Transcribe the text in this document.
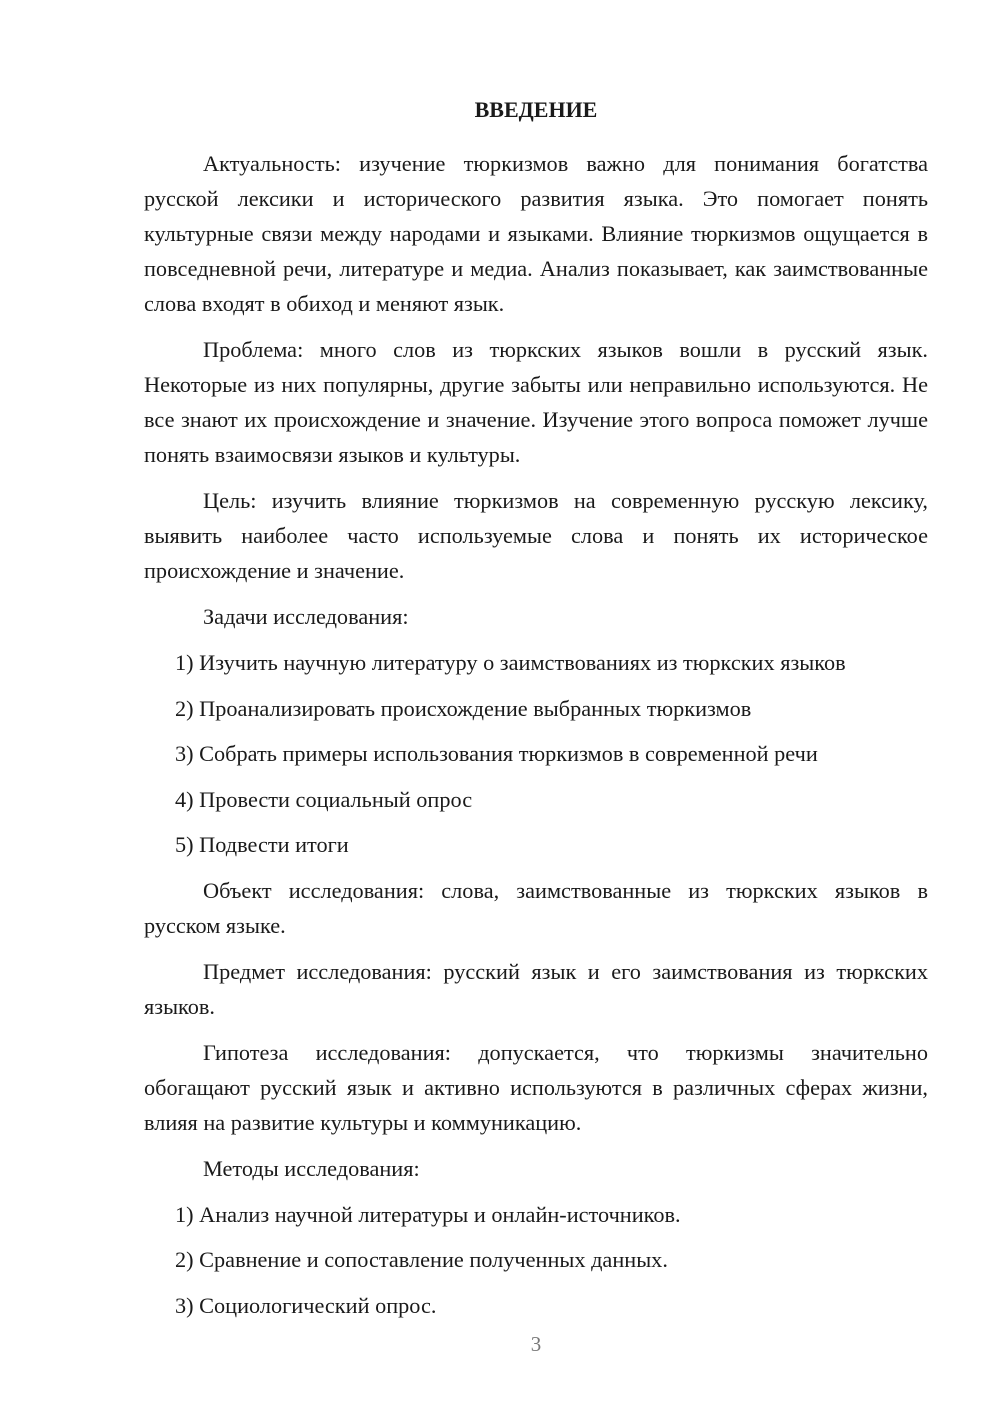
ВВЕДЕНИЕ

Актуальность: изучение тюркизмов важно для понимания богатства русской лексики и исторического развития языка. Это помогает понять культурные связи между народами и языками. Влияние тюркизмов ощущается в повседневной речи, литературе и медиа. Анализ показывает, как заимствованные слова входят в обиход и меняют язык.

Проблема: много слов из тюркских языков вошли в русский язык. Некоторые из них популярны, другие забыты или неправильно используются. Не все знают их происхождение и значение. Изучение этого вопроса поможет лучше понять взаимосвязи языков и культуры.

Цель: изучить влияние тюркизмов на современную русскую лексику, выявить наиболее часто используемые слова и понять их историческое происхождение и значение.

Задачи исследования:

1) Изучить научную литературу о заимствованиях из тюркских языков
2) Проанализировать происхождение выбранных тюркизмов
3) Собрать примеры использования тюркизмов в современной речи
4) Провести социальный опрос
5) Подвести итоги

Объект исследования: слова, заимствованные из тюркских языков в русском языке.

Предмет исследования: русский язык и его заимствования из тюркских языков.

Гипотеза исследования: допускается, что тюркизмы значительно обогащают русский язык и активно используются в различных сферах жизни, влияя на развитие культуры и коммуникацию.

Методы исследования:

1) Анализ научной литературы и онлайн-источников.
2) Сравнение и сопоставление полученных данных.
3) Социологический опрос.
3
